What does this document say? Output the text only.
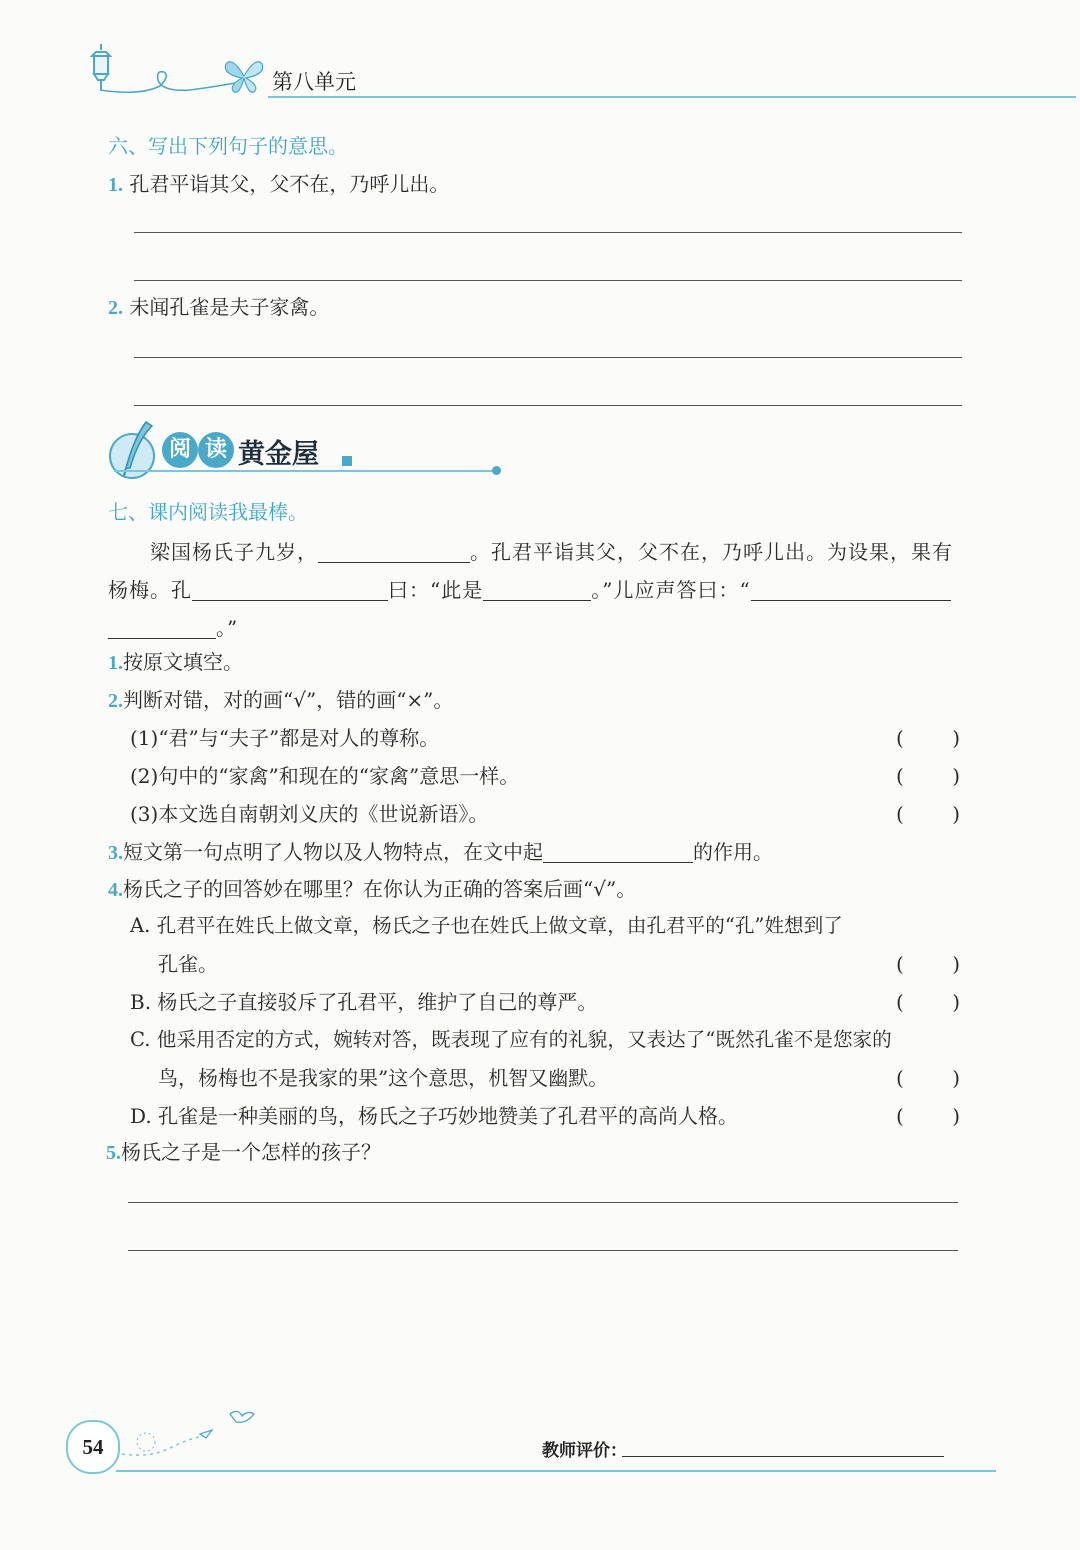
第八单元
六、写出下列句子的意思。
1. 孔君平诣其父，父不在，乃呼儿出。
2. 未闻孔雀是夫子家禽。
阅 读 黄金屋
七、课内阅读我最棒。
梁国杨氏子九岁，	。孔君平诣其父，父不在，乃呼儿出。为设果，果有
杨梅。孔	曰：“此是	。”儿应声答曰：“
。”
1.按原文填空。
2.判断对错，对的画“√”，错的画“×”。
(1)“君”与“夫子”都是对人的尊称。	( )
(2)句中的“家禽”和现在的“家禽”意思一样。	( )
(3)本文选自南朝刘义庆的《世说新语》。	( )
3.短文第一句点明了人物以及人物特点，在文中起	的作用。
4.杨氏之子的回答妙在哪里？在你认为正确的答案后画“√”。
A. 孔君平在姓氏上做文章，杨氏之子也在姓氏上做文章，由孔君平的“孔”姓想到了
孔雀。	( )
B. 杨氏之子直接驳斥了孔君平，维护了自己的尊严。	( )
C. 他采用否定的方式，婉转对答，既表现了应有的礼貌，又表达了“既然孔雀不是您家的
鸟，杨梅也不是我家的果”这个意思，机智又幽默。	( )
D. 孔雀是一种美丽的鸟，杨氏之子巧妙地赞美了孔君平的高尚人格。	( )
5.杨氏之子是一个怎样的孩子？
54	教师评价：
